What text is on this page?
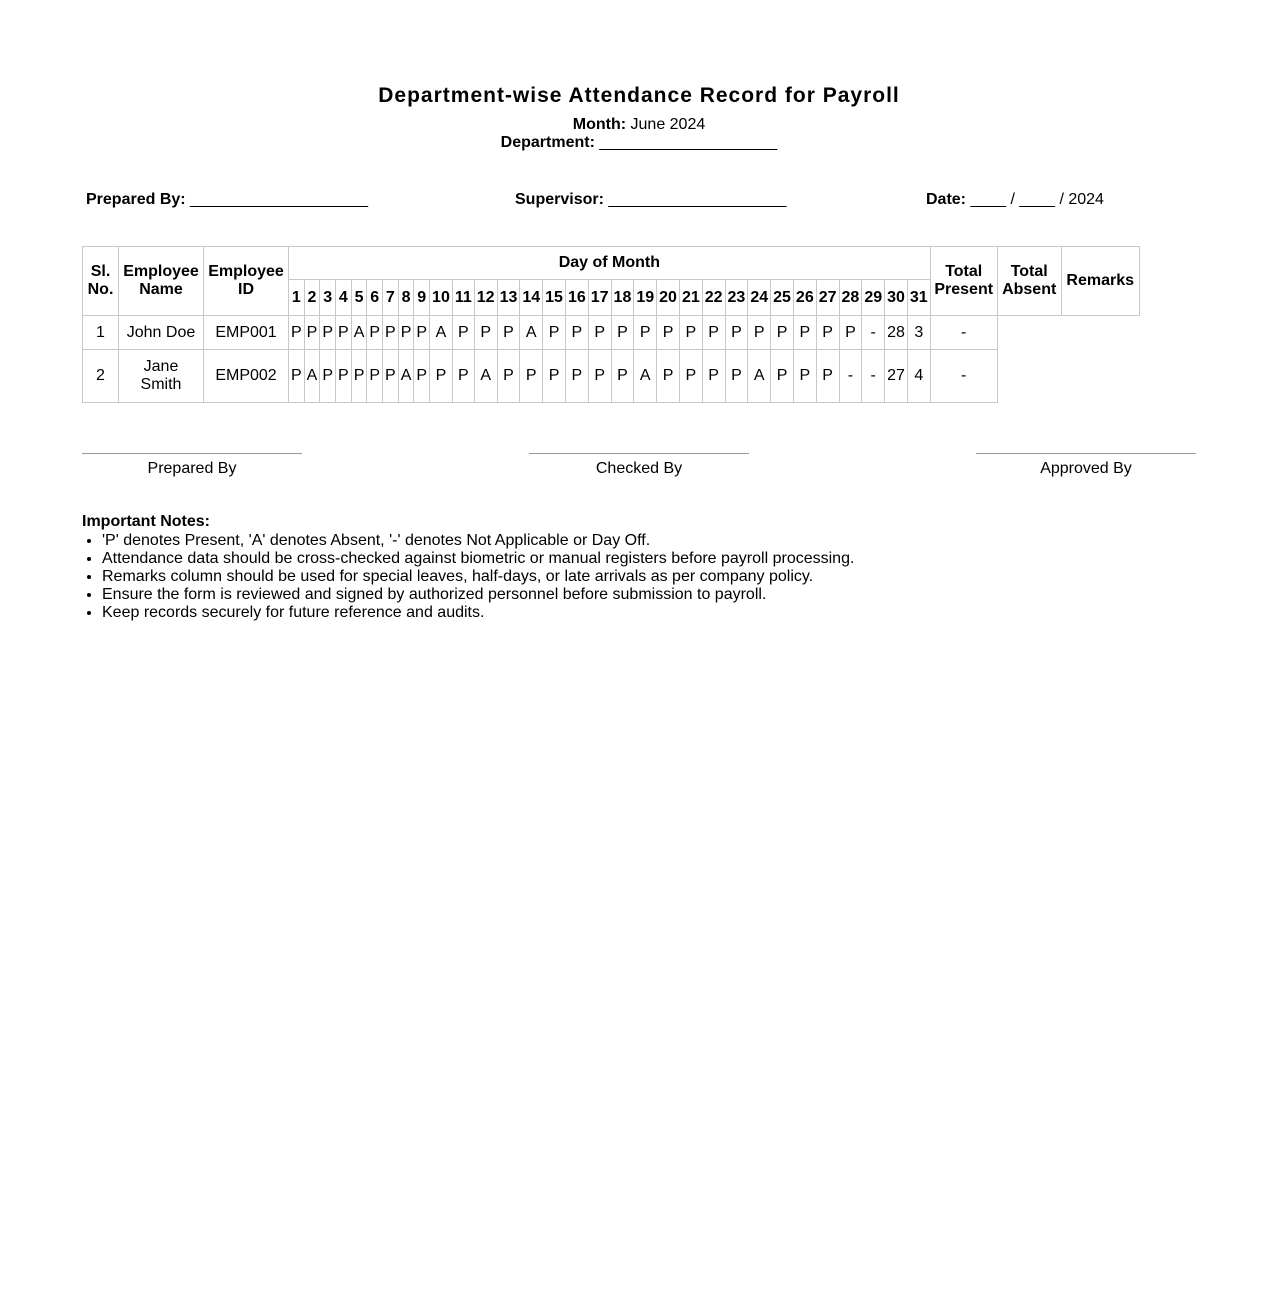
Department-wise Attendance Record for Payroll
Month: June 2024
Department: ____________________
Prepared By: ____________________	Supervisor: ____________________	Date: ____ / ____ / 2024
Sl. No.	Employee Name	Employee ID	Day of Month																															Total Present	Total Absent	Remarks
			1	2	3	4	5	6	7	8	9	10	11	12	13	14	15	16	17	18	19	20	21	22	23	24	25	26	27	28	29	30	31			
1	John Doe	EMP001	P	P	P	P	A	P	P	P	P	A	P	P	P	A	P	P	P	P	P	P	P	P	P	P	P	P	P	P	-	28	3	-		
2	Jane Smith	EMP002	P	A	P	P	P	P	P	A	P	P	P	A	P	P	P	P	P	P	A	P	P	P	P	A	P	P	P	-	-	27	4	-		
Prepared By	Checked By	Approved By
Important Notes:
• 'P' denotes Present, 'A' denotes Absent, '-' denotes Not Applicable or Day Off.
• Attendance data should be cross-checked against biometric or manual registers before payroll processing.
• Remarks column should be used for special leaves, half-days, or late arrivals as per company policy.
• Ensure the form is reviewed and signed by authorized personnel before submission to payroll.
• Keep records securely for future reference and audits.
